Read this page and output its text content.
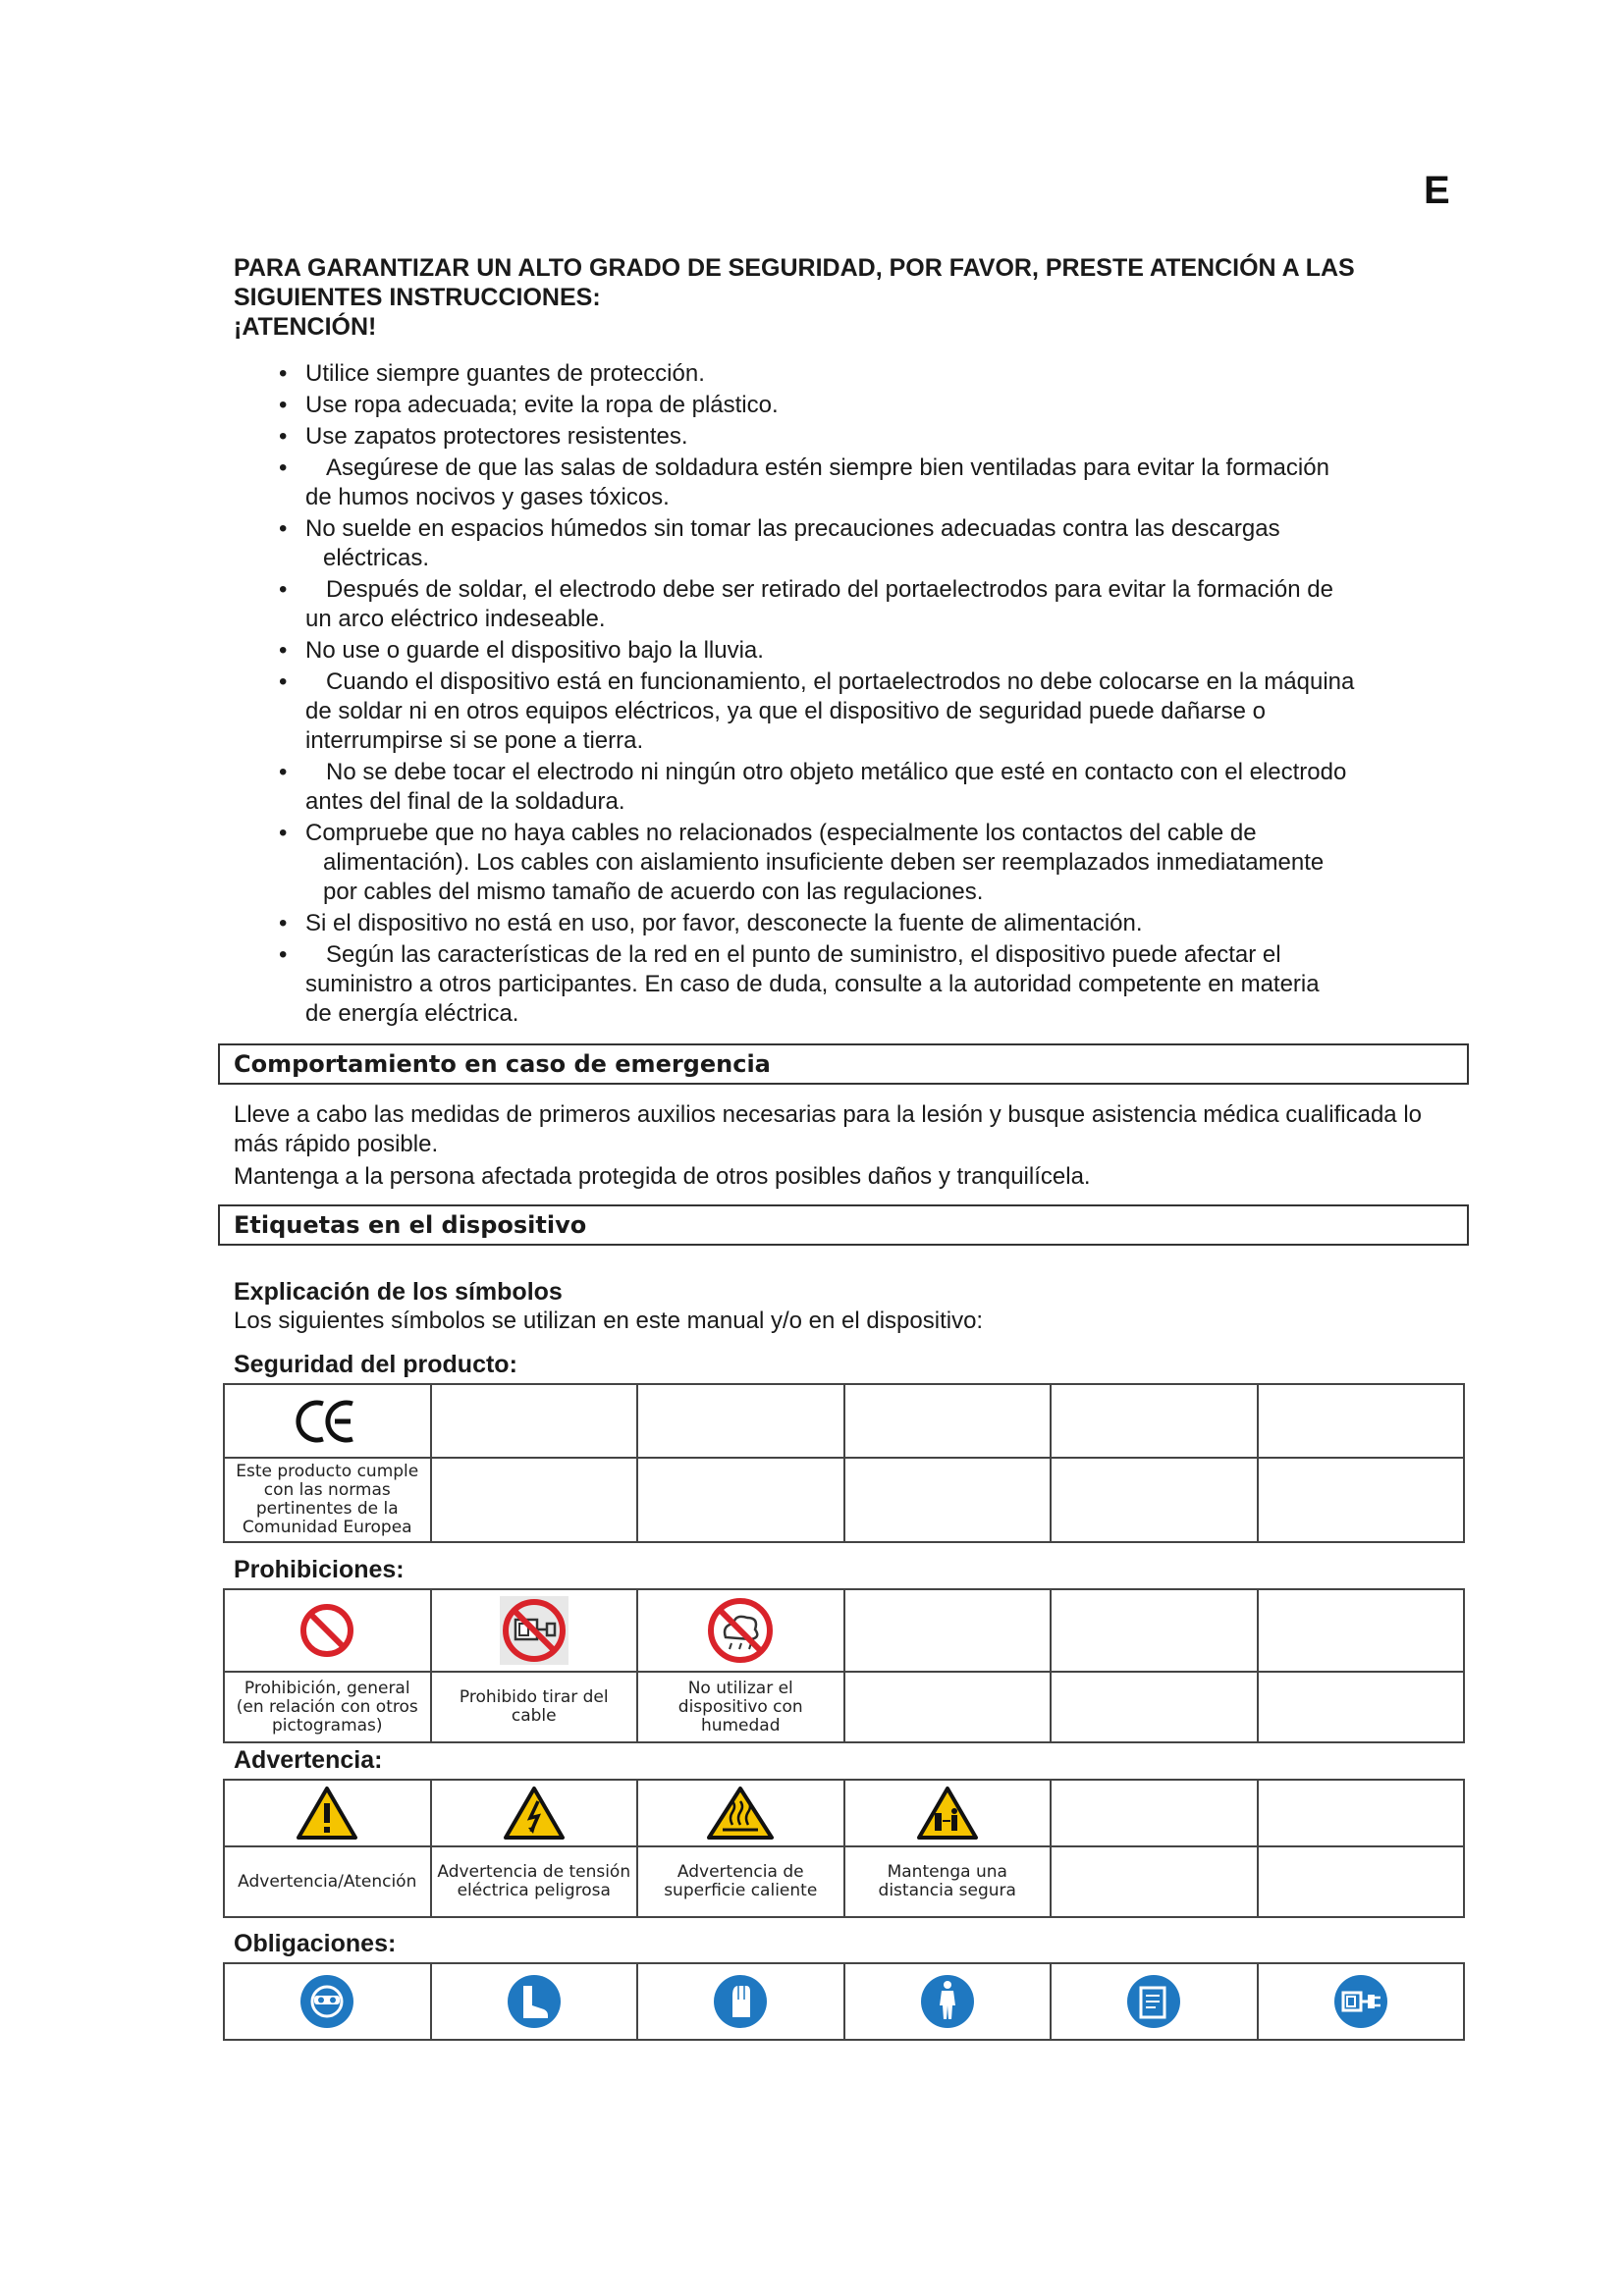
E
PARA GARANTIZAR UN ALTO GRADO DE SEGURIDAD, POR FAVOR, PRESTE ATENCIÓN A LAS SIGUIENTES INSTRUCCIONES:
¡ATENCIÓN!
• Utilice siempre guantes de protección.
• Use ropa adecuada; evite la ropa de plástico.
• Use zapatos protectores resistentes.
•	Asegúrese de que las salas de soldadura estén siempre bien ventiladas para evitar la formación
de humos nocivos y gases tóxicos.
• No suelde en espacios húmedos sin tomar las precauciones adecuadas contra las descargas
eléctricas.
•	Después de soldar, el electrodo debe ser retirado del portaelectrodos para evitar la formación de
un arco eléctrico indeseable.
• No use o guarde el dispositivo bajo la lluvia.
•	Cuando el dispositivo está en funcionamiento, el portaelectrodos no debe colocarse en la máquina
de soldar ni en otros equipos eléctricos, ya que el dispositivo de seguridad puede dañarse o
interrumpirse si se pone a tierra.
•	No se debe tocar el electrodo ni ningún otro objeto metálico que esté en contacto con el electrodo
antes del final de la soldadura.
• Compruebe que no haya cables no relacionados (especialmente los contactos del cable de
alimentación). Los cables con aislamiento insuficiente deben ser reemplazados inmediatamente
por cables del mismo tamaño de acuerdo con las regulaciones.
• Si el dispositivo no está en uso, por favor, desconecte la fuente de alimentación.
•	Según las características de la red en el punto de suministro, el dispositivo puede afectar el
suministro a otros participantes. En caso de duda, consulte a la autoridad competente en materia
de energía eléctrica.
Comportamiento en caso de emergencia
Lleve a cabo las medidas de primeros auxilios necesarias para la lesión y busque asistencia médica cualificada lo más rápido posible.
Mantenga a la persona afectada protegida de otros posibles daños y tranquilícela.
Etiquetas en el dispositivo
Explicación de los símbolos
Los siguientes símbolos se utilizan en este manual y/o en el dispositivo:
Seguridad del producto:

Este producto cumple con las normas pertinentes de la Comunidad Europea					
Prohibiciones:

Prohibición, general (en relación con otros pictogramas)	Prohibido tirar del cable	No utilizar el dispositivo con humedad			
Advertencia:

Advertencia/Atención	Advertencia de tensión eléctrica peligrosa	Advertencia de superficie caliente	Mantenga una distancia segura		
Obligaciones:
